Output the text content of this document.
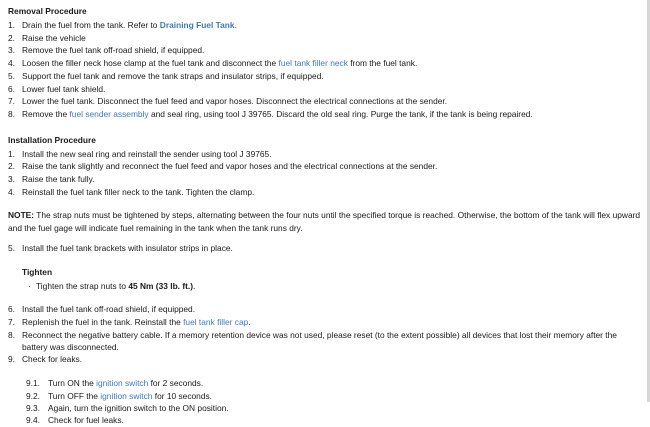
Removal Procedure
1. Drain the fuel from the tank. Refer to Draining Fuel Tank.
2. Raise the vehicle
3. Remove the fuel tank off-road shield, if equipped.
4. Loosen the filler neck hose clamp at the fuel tank and disconnect the fuel tank filler neck from the fuel tank.
5. Support the fuel tank and remove the tank straps and insulator strips, if equipped.
6. Lower fuel tank shield.
7. Lower the fuel tank. Disconnect the fuel feed and vapor hoses. Disconnect the electrical connections at the sender.
8. Remove the fuel sender assembly and seal ring, using tool J 39765. Discard the old seal ring. Purge the tank, if the tank is being repaired.
Installation Procedure
1. Install the new seal ring and reinstall the sender using tool J 39765.
2. Raise the tank slightly and reconnect the fuel feed and vapor hoses and the electrical connections at the sender.
3. Raise the tank fully.
4. Reinstall the fuel tank filler neck to the tank. Tighten the clamp.

NOTE: The strap nuts must be tightened by steps, alternating between the four nuts until the specified torque is reached. Otherwise, the bottom of the tank will flex upward and the fuel gage will indicate fuel remaining in the tank when the tank runs dry.

5. Install the fuel tank brackets with insulator strips in place.
Tighten
· Tighten the strap nuts to 45 Nm (33 lb. ft.).
6. Install the fuel tank off-road shield, if equipped.
7. Replenish the fuel in the tank. Reinstall the fuel tank filler cap.
8. Reconnect the negative battery cable. If a memory retention device was not used, please reset (to the extent possible) all devices that lost their memory after the battery was disconnected.
9. Check for leaks.
9.1. Turn ON the ignition switch for 2 seconds.
9.2. Turn OFF the ignition switch for 10 seconds.
9.3. Again, turn the ignition switch to the ON position.
9.4. Check for fuel leaks.
